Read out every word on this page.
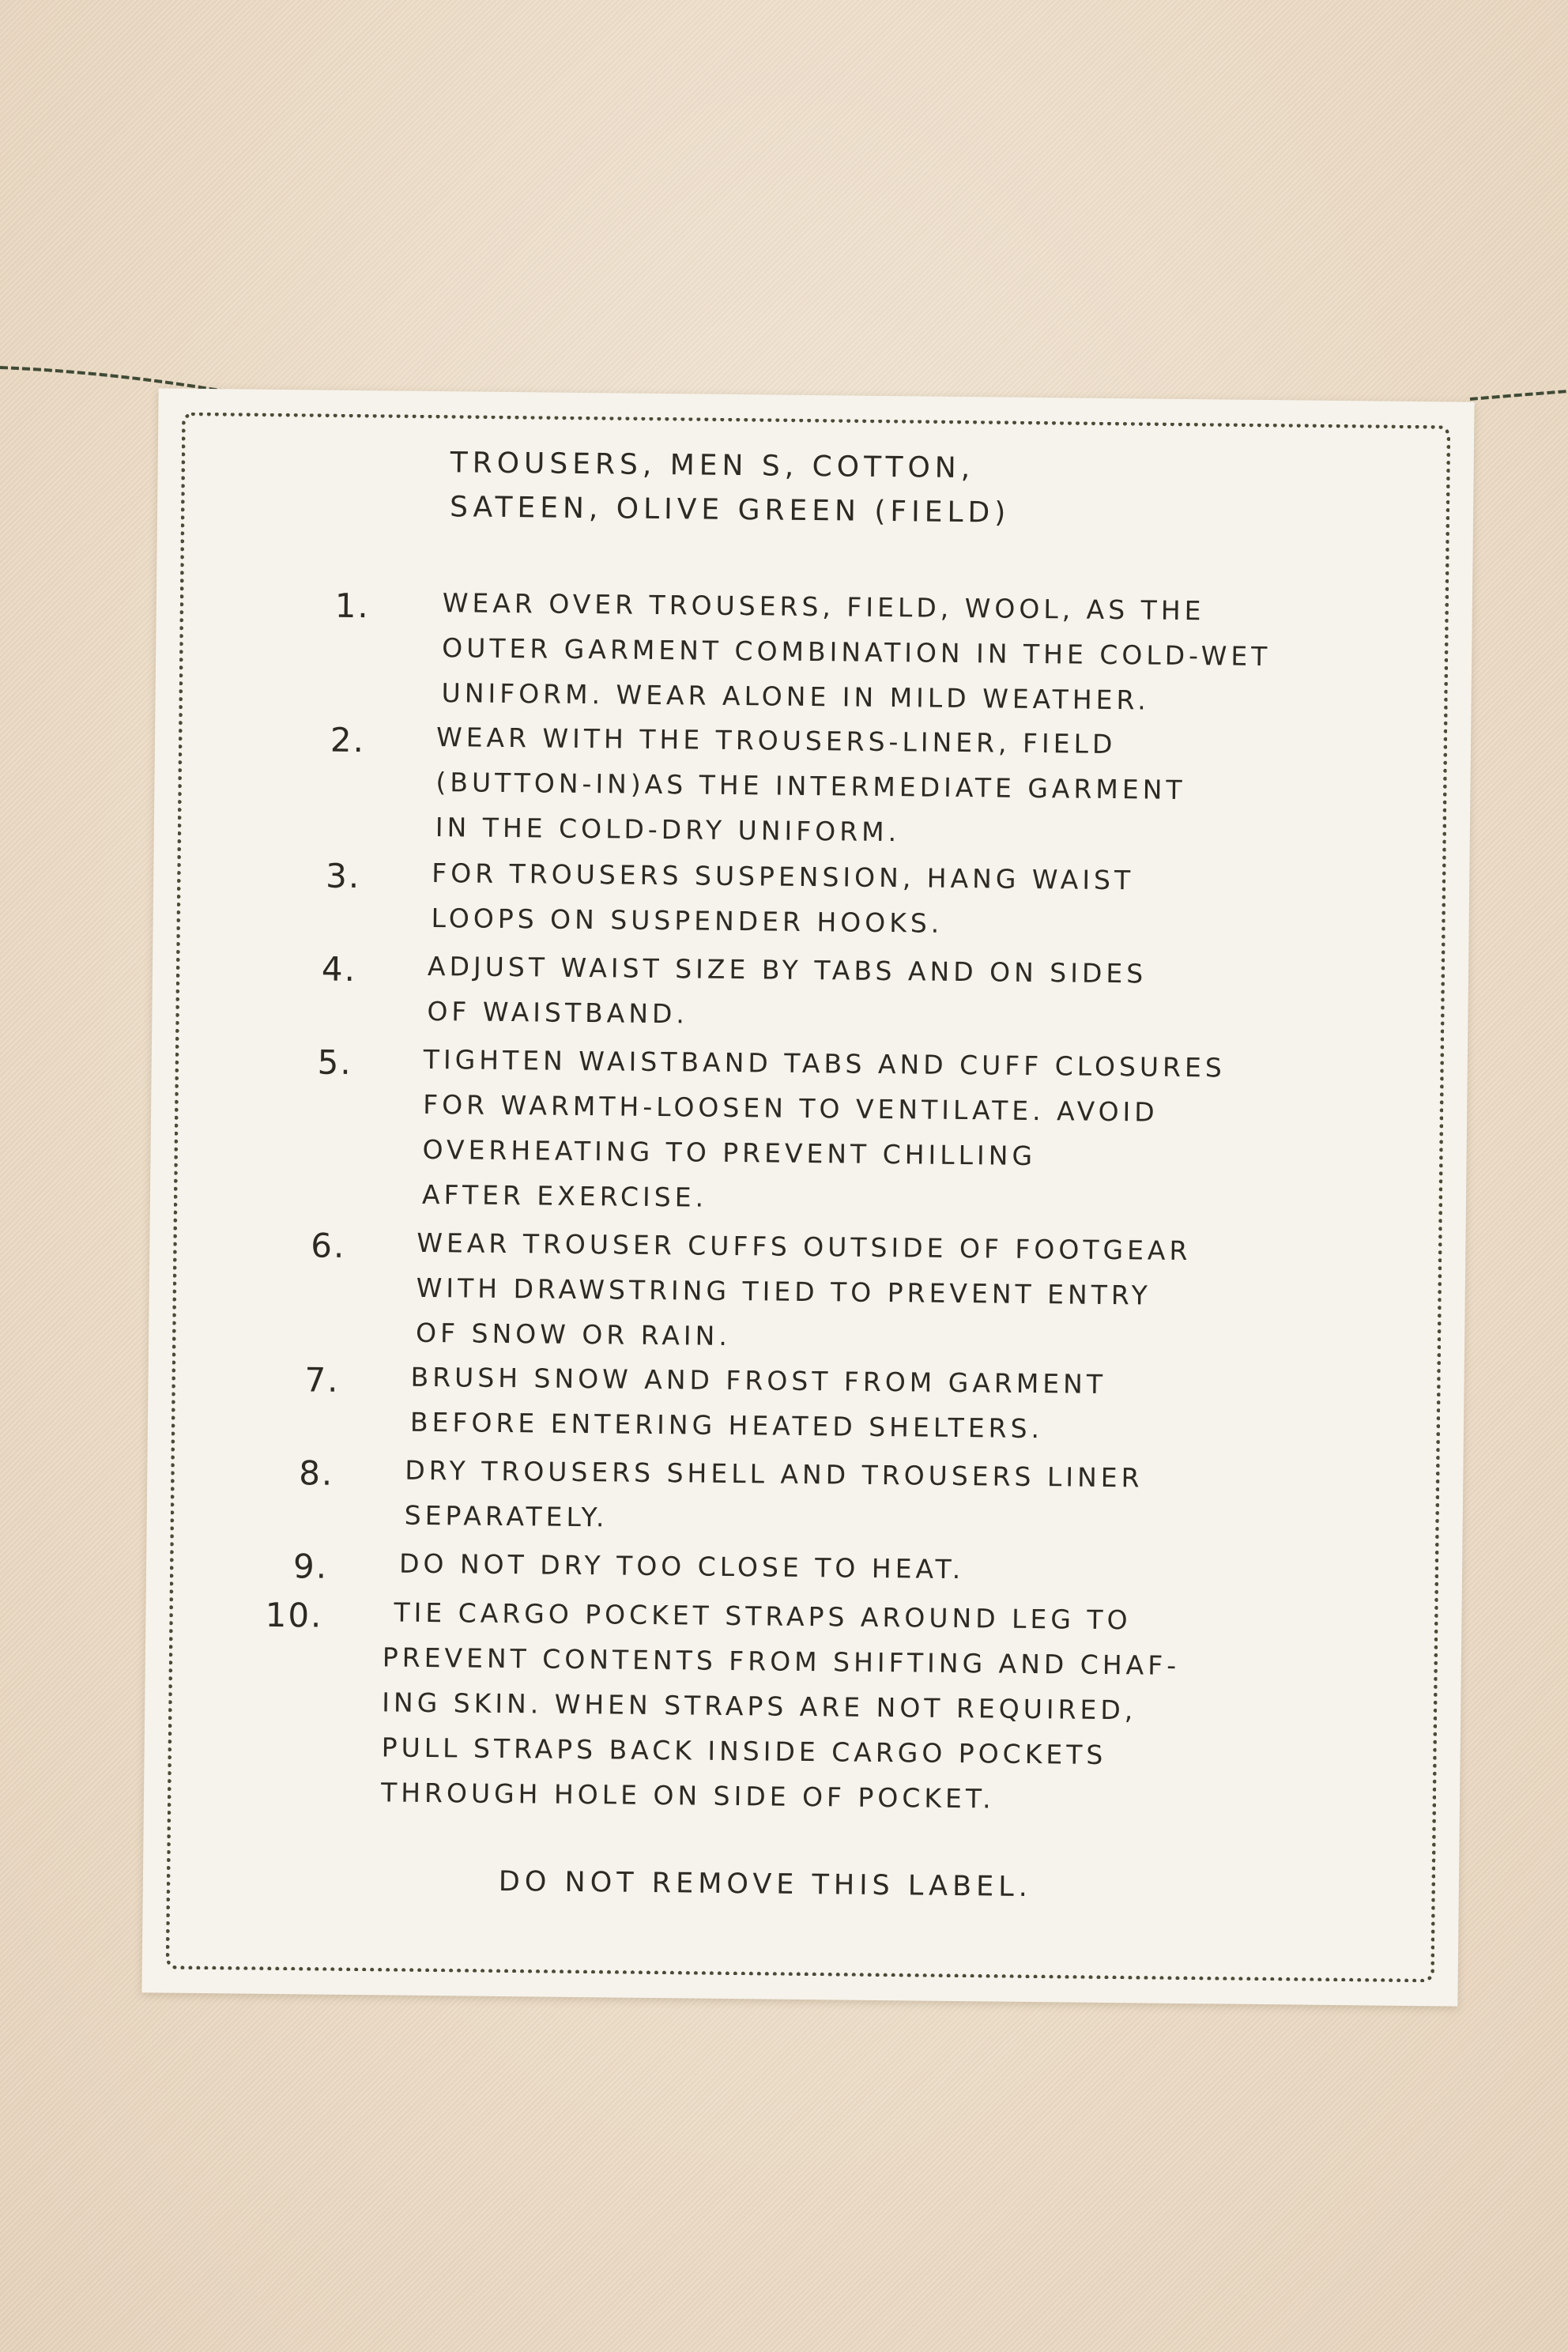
TROUSERS, MEN S, COTTON,
SATEEN, OLIVE GREEN (FIELD)
1.	WEAR OVER TROUSERS, FIELD, WOOL, AS THE
OUTER GARMENT COMBINATION IN THE COLD-WET
UNIFORM. WEAR ALONE IN MILD WEATHER.
2.	WEAR WITH THE TROUSERS-LINER, FIELD
(BUTTON-IN)AS THE INTERMEDIATE GARMENT
IN THE COLD-DRY UNIFORM.
3.	FOR TROUSERS SUSPENSION, HANG WAIST
LOOPS ON SUSPENDER HOOKS.
4.	ADJUST WAIST SIZE BY TABS AND ON SIDES
OF WAISTBAND.
5.	TIGHTEN WAISTBAND TABS AND CUFF CLOSURES
FOR WARMTH-LOOSEN TO VENTILATE. AVOID
OVERHEATING TO PREVENT CHILLING
AFTER EXERCISE.
6.	WEAR TROUSER CUFFS OUTSIDE OF FOOTGEAR
WITH DRAWSTRING TIED TO PREVENT ENTRY
OF SNOW OR RAIN.
7.	BRUSH SNOW AND FROST FROM GARMENT
BEFORE ENTERING HEATED SHELTERS.
8.	DRY TROUSERS SHELL AND TROUSERS LINER
SEPARATELY.
9.	DO NOT DRY TOO CLOSE TO HEAT.
10.	TIE CARGO POCKET STRAPS AROUND LEG TO
PREVENT CONTENTS FROM SHIFTING AND CHAF-
ING SKIN. WHEN STRAPS ARE NOT REQUIRED,
PULL STRAPS BACK INSIDE CARGO POCKETS
THROUGH HOLE ON SIDE OF POCKET.
DO NOT REMOVE THIS LABEL.
